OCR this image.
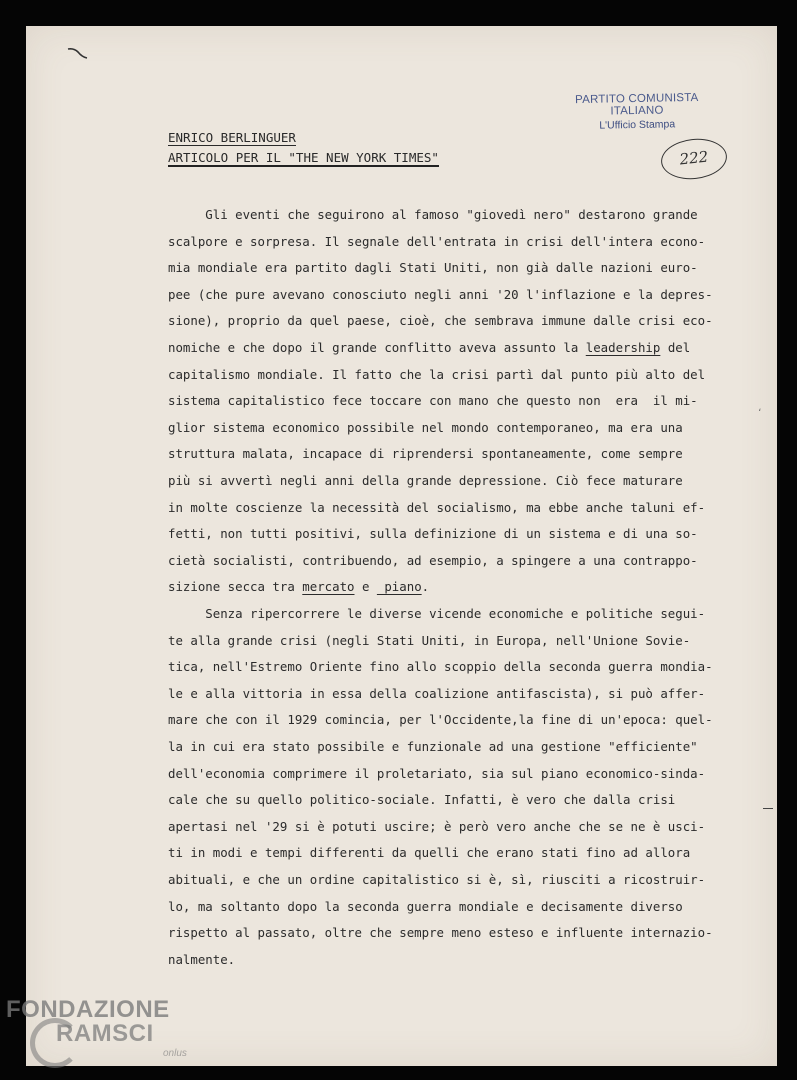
PARTITO COMUNISTA ITALIANO
L'Ufficio Stampa
ENRICO BERLINGUER
ARTICOLO PER IL "THE NEW YORK TIMES"	222
Gli eventi che seguirono al famoso "giovedì nero" destarono grande
scalpore e sorpresa. Il segnale dell'entrata in crisi dell'intera econo-
mia mondiale era partito dagli Stati Uniti, non già dalle nazioni euro-
pee (che pure avevano conosciuto negli anni '20 l'inflazione e la depres-
sione), proprio da quel paese, cioè, che sembrava immune dalle crisi eco-
nomiche e che dopo il grande conflitto aveva assunto la leadership del
capitalismo mondiale. Il fatto che la crisi partì dal punto più alto del
sistema capitalistico fece toccare con mano che questo non  era  il mi-
glior sistema economico possibile nel mondo contemporaneo, ma era una
struttura malata, incapace di riprendersi spontaneamente, come sempre
più si avvertì negli anni della grande depressione. Ciò fece maturare
in molte coscienze la necessità del socialismo, ma ebbe anche taluni ef-
fetti, non tutti positivi, sulla definizione di un sistema e di una so-
cietà socialisti, contribuendo, ad esempio, a spingere a una contrappo-
sizione secca tra mercato e  piano.
Senza ripercorrere le diverse vicende economiche e politiche segui-
te alla grande crisi (negli Stati Uniti, in Europa, nell'Unione Sovie-
tica, nell'Estremo Oriente fino allo scoppio della seconda guerra mondia-
le e alla vittoria in essa della coalizione antifascista), si può affer-
mare che con il 1929 comincia, per l'Occidente,la fine di un'epoca: quel-
la in cui era stato possibile e funzionale ad una gestione "efficiente"
dell'economia comprimere il proletariato, sia sul piano economico-sinda-
cale che su quello politico-sociale. Infatti, è vero che dalla crisi
apertasi nel '29 si è potuti uscire; è però vero anche che se ne è usci-
ti in modi e tempi differenti da quelli che erano stati fino ad allora
abituali, e che un ordine capitalistico si è, sì, riusciti a ricostruir-
lo, ma soltanto dopo la seconda guerra mondiale e decisamente diverso
rispetto al passato, oltre che sempre meno esteso e influente internazio-
nalmente.
ʻ
FONDAZIONE
RAMSCI
onlus
